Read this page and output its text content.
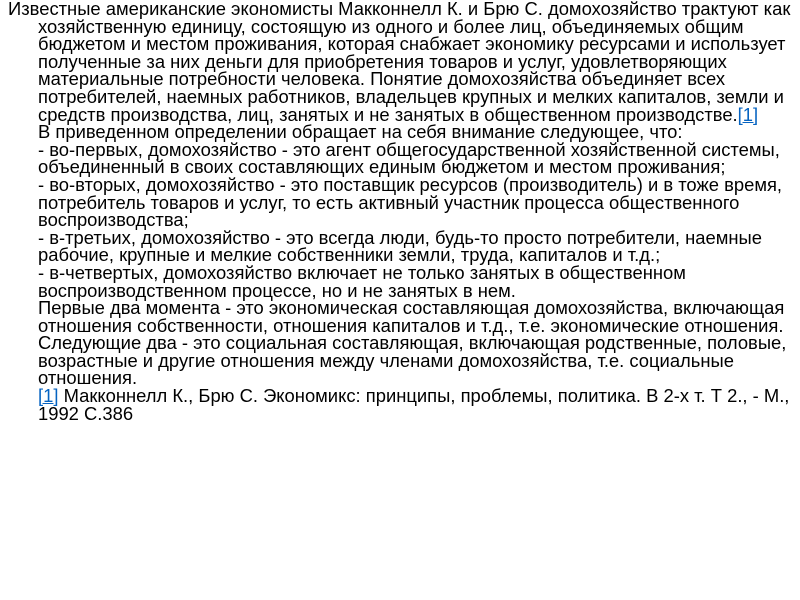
Известные американские экономисты Макконнелл К. и Брю С. домохозяйство трактуют как хозяйственную единицу, состоящую из одного и более лиц, объединяемых общим бюджетом и местом проживания, которая снабжает экономику ресурсами и использует полученные за них деньги для приобретения товаров и услуг, удовлетворяющих материальные потребности человека. Понятие домохозяйства объединяет всех потребителей, наемных работников, владельцев крупных и мелких капиталов, земли и средств производства, лиц, занятых и не занятых в общественном производстве.[1]

В приведенном определении обращает на себя внимание следующее, что:

- во-первых, домохозяйство - это агент общегосударственной хозяйственной системы, объединенный в своих составляющих единым бюджетом и местом проживания;

- во-вторых, домохозяйство - это поставщик ресурсов (производитель) и в тоже время, потребитель товаров и услуг, то есть активный участник процесса общественного воспроизводства;

- в-третьих, домохозяйство - это всегда люди, будь-то просто потребители, наемные рабочие, крупные и мелкие собственники земли, труда, капиталов и т.д.;

- в-четвертых, домохозяйство включает не только занятых в общественном воспроизводственном процессе, но и не занятых в нем.

Первые два момента - это экономическая составляющая домохозяйства, включающая отношения собственности, отношения капиталов и т.д., т.е. экономические отношения. Следующие два - это социальная составляющая, включающая родственные, половые, возрастные и другие отношения между членами домохозяйства, т.е. социальные отношения.

[1] Макконнелл К., Брю С. Экономикс: принципы, проблемы, политика. В 2-х т. Т 2., - М., 1992 С.386
